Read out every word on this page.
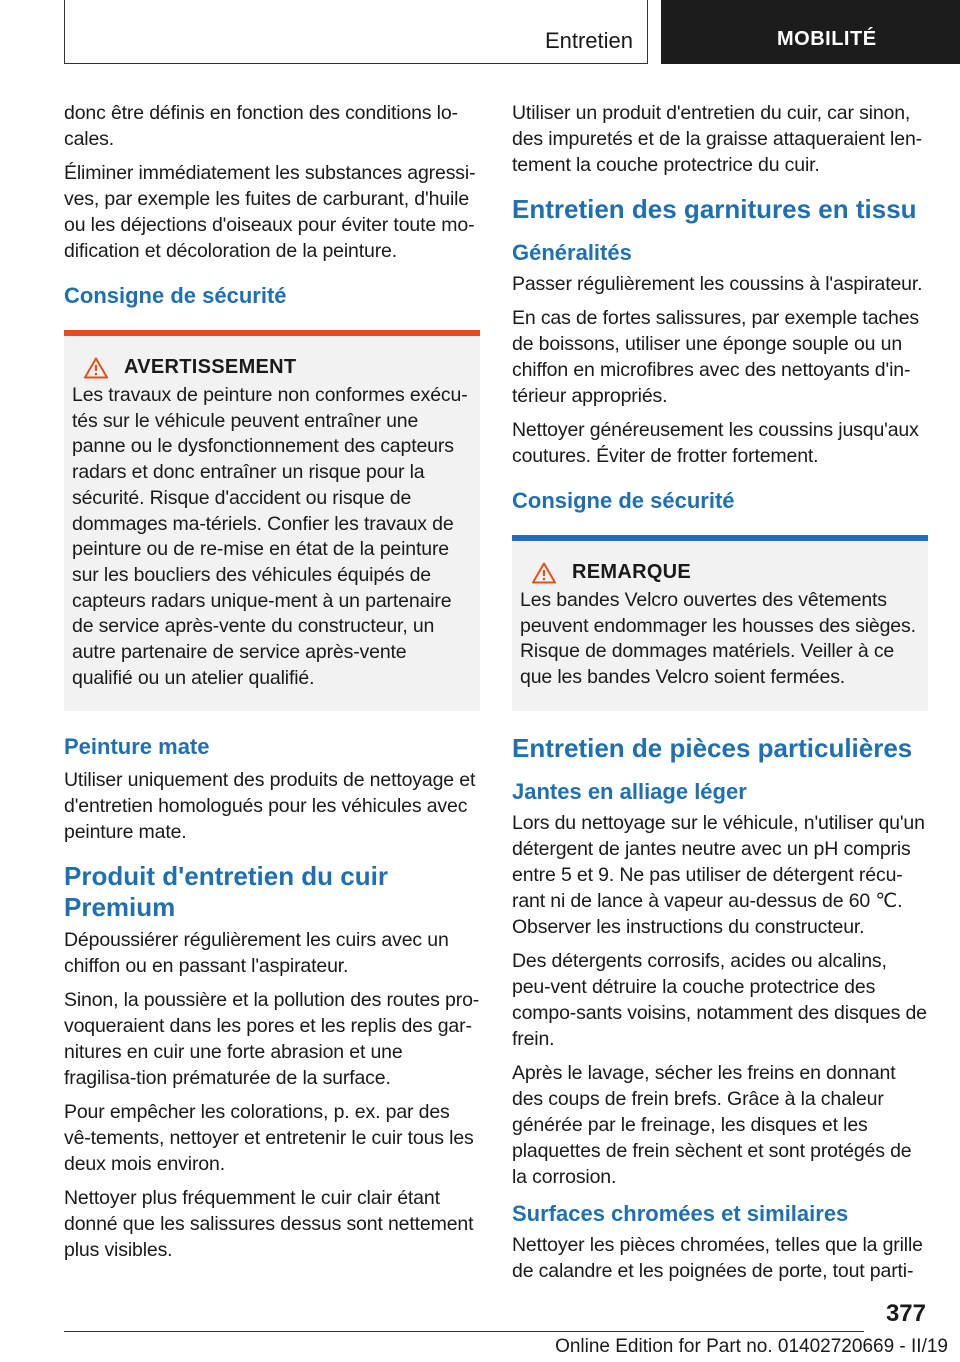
Entretien	MOBILITÉ

donc être définis en fonction des conditions lo-cales.

Éliminer immédiatement les substances agressi-ves, par exemple les fuites de carburant, d'huile ou les déjections d'oiseaux pour éviter toute mo-dification et décoloration de la peinture.

Consigne de sécurité
AVERTISSEMENT

Les travaux de peinture non conformes exécu-tés sur le véhicule peuvent entraîner une panne ou le dysfonctionnement des capteurs radars et donc entraîner un risque pour la sécurité. Risque d'accident ou risque de dommages ma-tériels. Confier les travaux de peinture ou de re-mise en état de la peinture sur les boucliers des véhicules équipés de capteurs radars unique-ment à un partenaire de service après-vente du constructeur, un autre partenaire de service après-vente qualifié ou un atelier qualifié.

Peinture mate

Utiliser uniquement des produits de nettoyage et d'entretien homologués pour les véhicules avec peinture mate.

Produit d'entretien du cuir Premium

Dépoussiérer régulièrement les cuirs avec un chiffon ou en passant l'aspirateur.

Sinon, la poussière et la pollution des routes pro-voqueraient dans les pores et les replis des gar-nitures en cuir une forte abrasion et une fragilisa-tion prématurée de la surface.

Pour empêcher les colorations, p. ex. par des vê-tements, nettoyer et entretenir le cuir tous les deux mois environ.

Nettoyer plus fréquemment le cuir clair étant donné que les salissures dessus sont nettement plus visibles.

Utiliser un produit d'entretien du cuir, car sinon, des impuretés et de la graisse attaqueraient len-tement la couche protectrice du cuir.

Entretien des garnitures en tissu
Généralités

Passer régulièrement les coussins à l'aspirateur.

En cas de fortes salissures, par exemple taches de boissons, utiliser une éponge souple ou un chiffon en microfibres avec des nettoyants d'in-térieur appropriés.

Nettoyer généreusement les coussins jusqu'aux coutures. Éviter de frotter fortement.

Consigne de sécurité
REMARQUE

Les bandes Velcro ouvertes des vêtements peuvent endommager les housses des sièges. Risque de dommages matériels. Veiller à ce que les bandes Velcro soient fermées.

Entretien de pièces particulières
Jantes en alliage léger

Lors du nettoyage sur le véhicule, n'utiliser qu'un détergent de jantes neutre avec un pH compris entre 5 et 9. Ne pas utiliser de détergent récu-rant ni de lance à vapeur au-dessus de 60 ℃. Observer les instructions du constructeur.

Des détergents corrosifs, acides ou alcalins, peu-vent détruire la couche protectrice des compo-sants voisins, notamment des disques de frein.

Après le lavage, sécher les freins en donnant des coups de frein brefs. Grâce à la chaleur générée par le freinage, les disques et les plaquettes de frein sèchent et sont protégés de la corrosion.

Surfaces chromées et similaires

Nettoyer les pièces chromées, telles que la grille de calandre et les poignées de porte, tout parti-

377
Online Edition for Part no. 01402720669 - II/19
